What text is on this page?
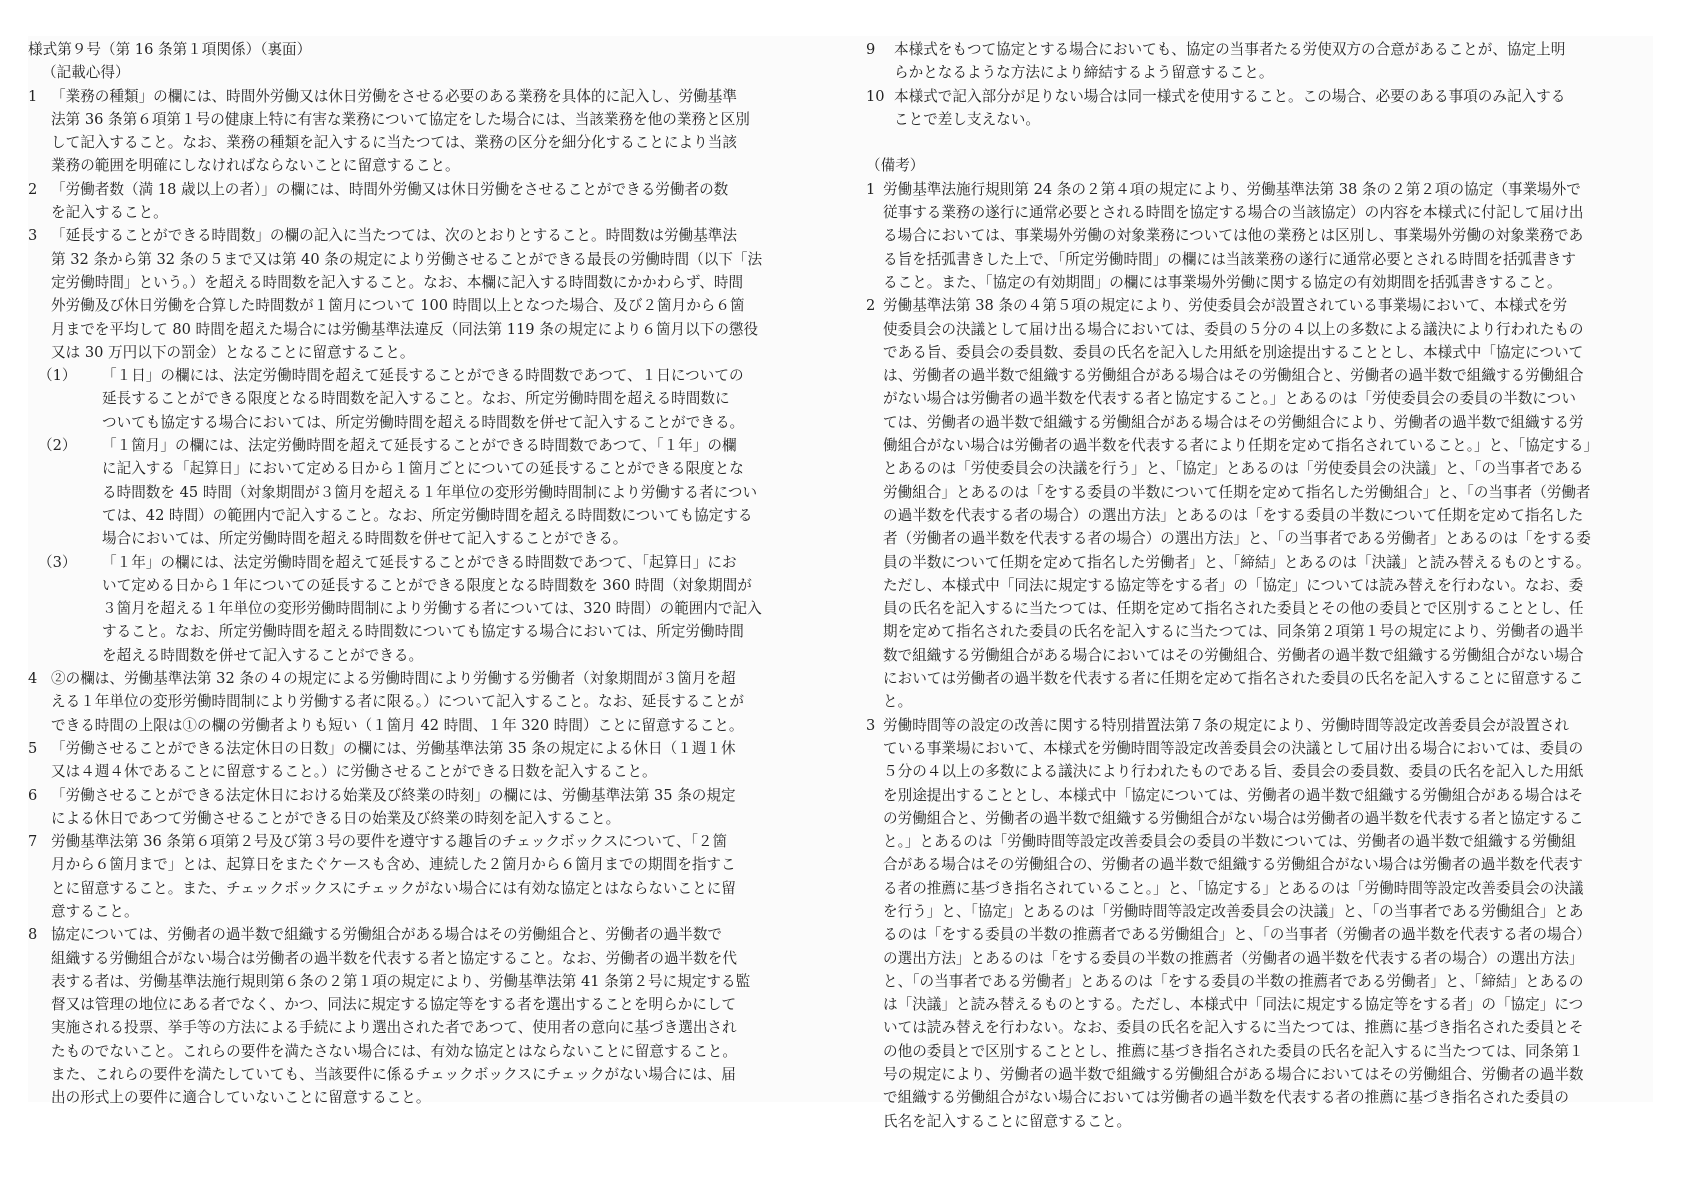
様式第９号（第 16 条第１項関係）（裏面）
（記載心得）
1 「業務の種類」の欄には、時間外労働又は休日労働をさせる必要のある業務を具体的に記入し、労働基準
法第 36 条第６項第１号の健康上特に有害な業務について協定をした場合には、当該業務を他の業務と区別
して記入すること。なお、業務の種類を記入するに当たつては、業務の区分を細分化することにより当該
業務の範囲を明確にしなければならないことに留意すること。
2 「労働者数（満 18 歳以上の者）」の欄には、時間外労働又は休日労働をさせることができる労働者の数
を記入すること。
3 「延長することができる時間数」の欄の記入に当たつては、次のとおりとすること。時間数は労働基準法
第 32 条から第 32 条の５まで又は第 40 条の規定により労働させることができる最長の労働時間（以下「法
定労働時間」という。）を超える時間数を記入すること。なお、本欄に記入する時間数にかかわらず、時間
外労働及び休日労働を合算した時間数が１箇月について 100 時間以上となつた場合、及び２箇月から６箇
月までを平均して 80 時間を超えた場合には労働基準法違反（同法第 119 条の規定により６箇月以下の懲役
又は 30 万円以下の罰金）となることに留意すること。
（1）	「１日」の欄には、法定労働時間を超えて延長することができる時間数であつて、１日についての
延長することができる限度となる時間数を記入すること。なお、所定労働時間を超える時間数に
ついても協定する場合においては、所定労働時間を超える時間数を併せて記入することができる。
（2）	「１箇月」の欄には、法定労働時間を超えて延長することができる時間数であつて、「１年」の欄
に記入する「起算日」において定める日から１箇月ごとについての延長することができる限度とな
る時間数を 45 時間（対象期間が３箇月を超える１年単位の変形労働時間制により労働する者につい
ては、42 時間）の範囲内で記入すること。なお、所定労働時間を超える時間数についても協定する
場合においては、所定労働時間を超える時間数を併せて記入することができる。
（3）	「１年」の欄には、法定労働時間を超えて延長することができる時間数であつて、「起算日」にお
いて定める日から１年についての延長することができる限度となる時間数を 360 時間（対象期間が
３箇月を超える１年単位の変形労働時間制により労働する者については、320 時間）の範囲内で記入
すること。なお、所定労働時間を超える時間数についても協定する場合においては、所定労働時間
を超える時間数を併せて記入することができる。
4 ②の欄は、労働基準法第 32 条の４の規定による労働時間により労働する労働者（対象期間が３箇月を超
える１年単位の変形労働時間制により労働する者に限る。）について記入すること。なお、延長することが
できる時間の上限は①の欄の労働者よりも短い（１箇月 42 時間、１年 320 時間）ことに留意すること。
5 「労働させることができる法定休日の日数」の欄には、労働基準法第 35 条の規定による休日（１週１休
又は４週４休であることに留意すること。）に労働させることができる日数を記入すること。
6 「労働させることができる法定休日における始業及び終業の時刻」の欄には、労働基準法第 35 条の規定
による休日であつて労働させることができる日の始業及び終業の時刻を記入すること。
7 労働基準法第 36 条第６項第２号及び第３号の要件を遵守する趣旨のチェックボックスについて、「２箇
月から６箇月まで」とは、起算日をまたぐケースも含め、連続した２箇月から６箇月までの期間を指すこ
とに留意すること。また、チェックボックスにチェックがない場合には有効な協定とはならないことに留
意すること。
8 協定については、労働者の過半数で組織する労働組合がある場合はその労働組合と、労働者の過半数で
組織する労働組合がない場合は労働者の過半数を代表する者と協定すること。なお、労働者の過半数を代
表する者は、労働基準法施行規則第６条の２第１項の規定により、労働基準法第 41 条第２号に規定する監
督又は管理の地位にある者でなく、かつ、同法に規定する協定等をする者を選出することを明らかにして
実施される投票、挙手等の方法による手続により選出された者であつて、使用者の意向に基づき選出され
たものでないこと。これらの要件を満たさない場合には、有効な協定とはならないことに留意すること。
また、これらの要件を満たしていても、当該要件に係るチェックボックスにチェックがない場合には、届
出の形式上の要件に適合していないことに留意すること。
9	本様式をもつて協定とする場合においても、協定の当事者たる労使双方の合意があることが、協定上明
らかとなるような方法により締結するよう留意すること。
10 本様式で記入部分が足りない場合は同一様式を使用すること。この場合、必要のある事項のみ記入する
ことで差し支えない。
（備考）
1 労働基準法施行規則第 24 条の２第４項の規定により、労働基準法第 38 条の２第２項の協定（事業場外で
従事する業務の遂行に通常必要とされる時間を協定する場合の当該協定）の内容を本様式に付記して届け出
る場合においては、事業場外労働の対象業務については他の業務とは区別し、事業場外労働の対象業務であ
る旨を括弧書きした上で、「所定労働時間」の欄には当該業務の遂行に通常必要とされる時間を括弧書きす
ること。また、「協定の有効期間」の欄には事業場外労働に関する協定の有効期間を括弧書きすること。
2 労働基準法第 38 条の４第５項の規定により、労使委員会が設置されている事業場において、本様式を労
使委員会の決議として届け出る場合においては、委員の５分の４以上の多数による議決により行われたもの
である旨、委員会の委員数、委員の氏名を記入した用紙を別途提出することとし、本様式中「協定について
は、労働者の過半数で組織する労働組合がある場合はその労働組合と、労働者の過半数で組織する労働組合
がない場合は労働者の過半数を代表する者と協定すること。」とあるのは「労使委員会の委員の半数につい
ては、労働者の過半数で組織する労働組合がある場合はその労働組合により、労働者の過半数で組織する労
働組合がない場合は労働者の過半数を代表する者により任期を定めて指名されていること。」と、「協定する」
とあるのは「労使委員会の決議を行う」と、「協定」とあるのは「労使委員会の決議」と、「の当事者である
労働組合」とあるのは「をする委員の半数について任期を定めて指名した労働組合」と、「の当事者（労働者
の過半数を代表する者の場合）の選出方法」とあるのは「をする委員の半数について任期を定めて指名した
者（労働者の過半数を代表する者の場合）の選出方法」と、「の当事者である労働者」とあるのは「をする委
員の半数について任期を定めて指名した労働者」と、「締結」とあるのは「決議」と読み替えるものとする。
ただし、本様式中「同法に規定する協定等をする者」の「協定」については読み替えを行わない。なお、委
員の氏名を記入するに当たつては、任期を定めて指名された委員とその他の委員とで区別することとし、任
期を定めて指名された委員の氏名を記入するに当たつては、同条第２項第１号の規定により、労働者の過半
数で組織する労働組合がある場合においてはその労働組合、労働者の過半数で組織する労働組合がない場合
においては労働者の過半数を代表する者に任期を定めて指名された委員の氏名を記入することに留意するこ
と。
3 労働時間等の設定の改善に関する特別措置法第７条の規定により、労働時間等設定改善委員会が設置され
ている事業場において、本様式を労働時間等設定改善委員会の決議として届け出る場合においては、委員の
５分の４以上の多数による議決により行われたものである旨、委員会の委員数、委員の氏名を記入した用紙
を別途提出することとし、本様式中「協定については、労働者の過半数で組織する労働組合がある場合はそ
の労働組合と、労働者の過半数で組織する労働組合がない場合は労働者の過半数を代表する者と協定するこ
と。」とあるのは「労働時間等設定改善委員会の委員の半数については、労働者の過半数で組織する労働組
合がある場合はその労働組合の、労働者の過半数で組織する労働組合がない場合は労働者の過半数を代表す
る者の推薦に基づき指名されていること。」と、「協定する」とあるのは「労働時間等設定改善委員会の決議
を行う」と、「協定」とあるのは「労働時間等設定改善委員会の決議」と、「の当事者である労働組合」とあ
るのは「をする委員の半数の推薦者である労働組合」と、「の当事者（労働者の過半数を代表する者の場合）
の選出方法」とあるのは「をする委員の半数の推薦者（労働者の過半数を代表する者の場合）の選出方法」
と、「の当事者である労働者」とあるのは「をする委員の半数の推薦者である労働者」と、「締結」とあるの
は「決議」と読み替えるものとする。ただし、本様式中「同法に規定する協定等をする者」の「協定」につ
いては読み替えを行わない。なお、委員の氏名を記入するに当たつては、推薦に基づき指名された委員とそ
の他の委員とで区別することとし、推薦に基づき指名された委員の氏名を記入するに当たつては、同条第１
号の規定により、労働者の過半数で組織する労働組合がある場合においてはその労働組合、労働者の過半数
で組織する労働組合がない場合においては労働者の過半数を代表する者の推薦に基づき指名された委員の
氏名を記入することに留意すること。
